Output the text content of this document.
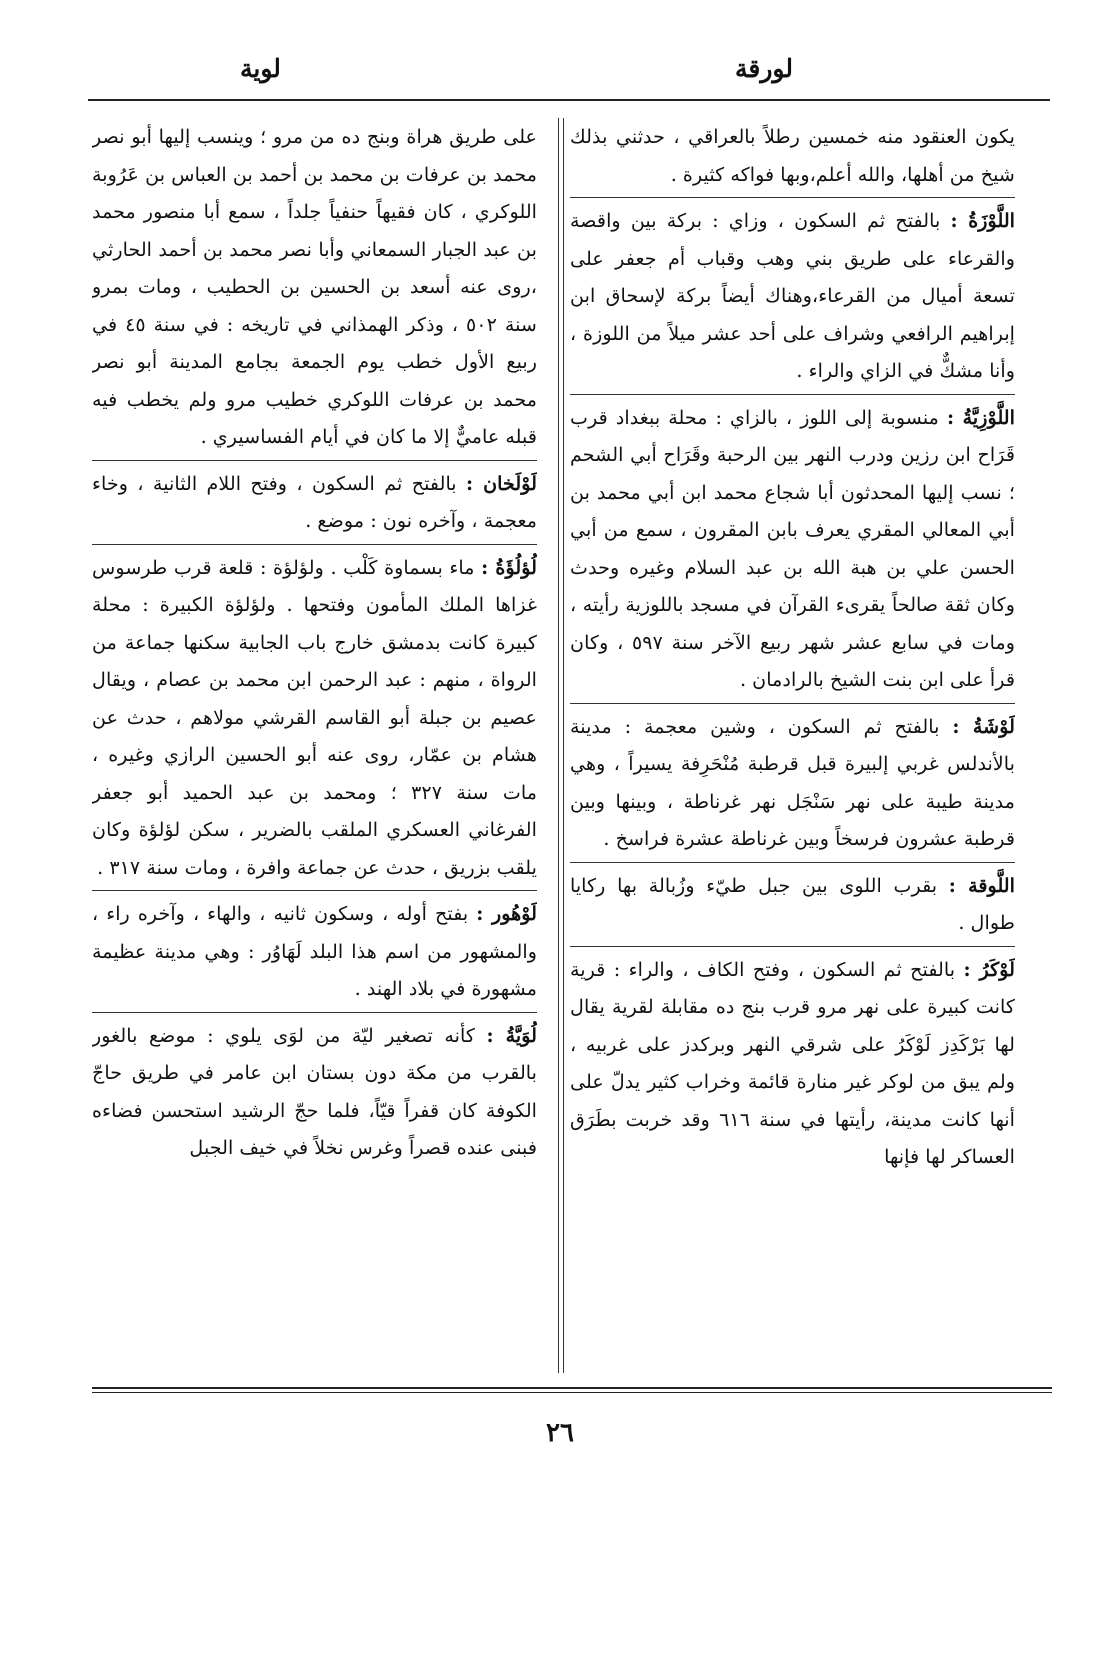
لورقة
لوية

يكون العنقود منه خمسين رطلاً بالعراقي ، حدثني بذلك شيخ من أهلها، والله أعلم،وبها فواكه كثيرة .

اللَّوْزَةُ : بالفتح ثم السكون ، وزاي : بركة بين واقصة والقرعاء على طريق بني وهب وقباب أم جعفر على تسعة أميال من القرعاء،وهناك أيضاً بركة لإسحاق ابن إبراهيم الرافعي وشراف على أحد عشر ميلاً من اللوزة ، وأنا مشكٌّ في الزاي والراء .

اللَّوْزِيَّةُ : منسوبة إلى اللوز ، بالزاي : محلة ببغداد قرب قَرَاح ابن رزين ودرب النهر بين الرحبة وقَرَاح أبي الشحم ؛ نسب إليها المحدثون أبا شجاع محمد ابن أبي محمد بن أبي المعالي المقري يعرف بابن المقرون ، سمع من أبي الحسن علي بن هبة الله بن عبد السلام وغيره وحدث وكان ثقة صالحاً يقرىء القرآن في مسجد باللوزية رأيته ، ومات في سابع عشر شهر ربيع الآخر سنة ٥٩٧ ، وكان قرأ على ابن بنت الشيخ بالرادمان .

لَوْشَةُ : بالفتح ثم السكون ، وشين معجمة : مدينة بالأندلس غربي إلبيرة قبل قرطبة مُنْحَرِفة يسيراً ، وهي مدينة طيبة على نهر سَنْجَل نهر غرناطة ، وبينها وبين قرطبة عشرون فرسخاً وبين غرناطة عشرة فراسخ .

اللَّوقة : بقرب اللوى بين جبل طيّء وزُبالة بها ركايا طوال .

لَوْكَرُ : بالفتح ثم السكون ، وفتح الكاف ، والراء : قرية كانت كبيرة على نهر مرو قرب بنج ده مقابلة لقرية يقال لها بَرْكَدِز لَوْكَرُ على شرقي النهر وبركدز على غربيه ، ولم يبق من لوكر غير منارة قائمة وخراب كثير يدلّ على أنها كانت مدينة، رأيتها في سنة ٦١٦ وقد خربت بطَرَق العساكر لها فإنها

على طريق هراة وبنج ده من مرو ؛ وينسب إليها أبو نصر محمد بن عرفات بن محمد بن أحمد بن العباس بن عَرُوبة اللوكري ، كان فقيهاً حنفياً جلداً ، سمع أبا منصور محمد بن عبد الجبار السمعاني وأبا نصر محمد بن أحمد الحارثي ،روى عنه أسعد بن الحسين بن الحطيب ، ومات بمرو سنة ٥٠٢ ، وذكر الهمذاني في تاريخه : في سنة ٤٥ في ربيع الأول خطب يوم الجمعة بجامع المدينة أبو نصر محمد بن عرفات اللوكري خطيب مرو ولم يخطب فيه قبله عاميٌّ إلا ما كان في أيام الفساسيري .

لَوْلَخان : بالفتح ثم السكون ، وفتح اللام الثانية ، وخاء معجمة ، وآخره نون : موضع .

لُؤلُؤَةُ : ماء بسماوة كَلْب . ولؤلؤة : قلعة قرب طرسوس غزاها الملك المأمون وفتحها . ولؤلؤة الكبيرة : محلة كبيرة كانت بدمشق خارج باب الجابية سكنها جماعة من الرواة ، منهم : عبد الرحمن ابن محمد بن عصام ، ويقال عصيم بن جبلة أبو القاسم القرشي مولاهم ، حدث عن هشام بن عمّار، روى عنه أبو الحسين الرازي وغيره ، مات سنة ٣٢٧ ؛ ومحمد بن عبد الحميد أبو جعفر الفرغاني العسكري الملقب بالضرير ، سكن لؤلؤة وكان يلقب بزريق ، حدث عن جماعة وافرة ، ومات سنة ٣١٧ .

لَوْهُور : بفتح أوله ، وسكون ثانيه ، والهاء ، وآخره راء ، والمشهور من اسم هذا البلد لَهَاوُر : وهي مدينة عظيمة مشهورة في بلاد الهند .

لُوَيَّةُ : كأنه تصغير ليّة من لوَى يلوي : موضع بالغور بالقرب من مكة دون بستان ابن عامر في طريق حاجّ الكوفة كان قفراً قيّاً، فلما حجّ الرشيد استحسن فضاءه فبنى عنده قصراً وغرس نخلاً في خيف الجبل

٢٦
